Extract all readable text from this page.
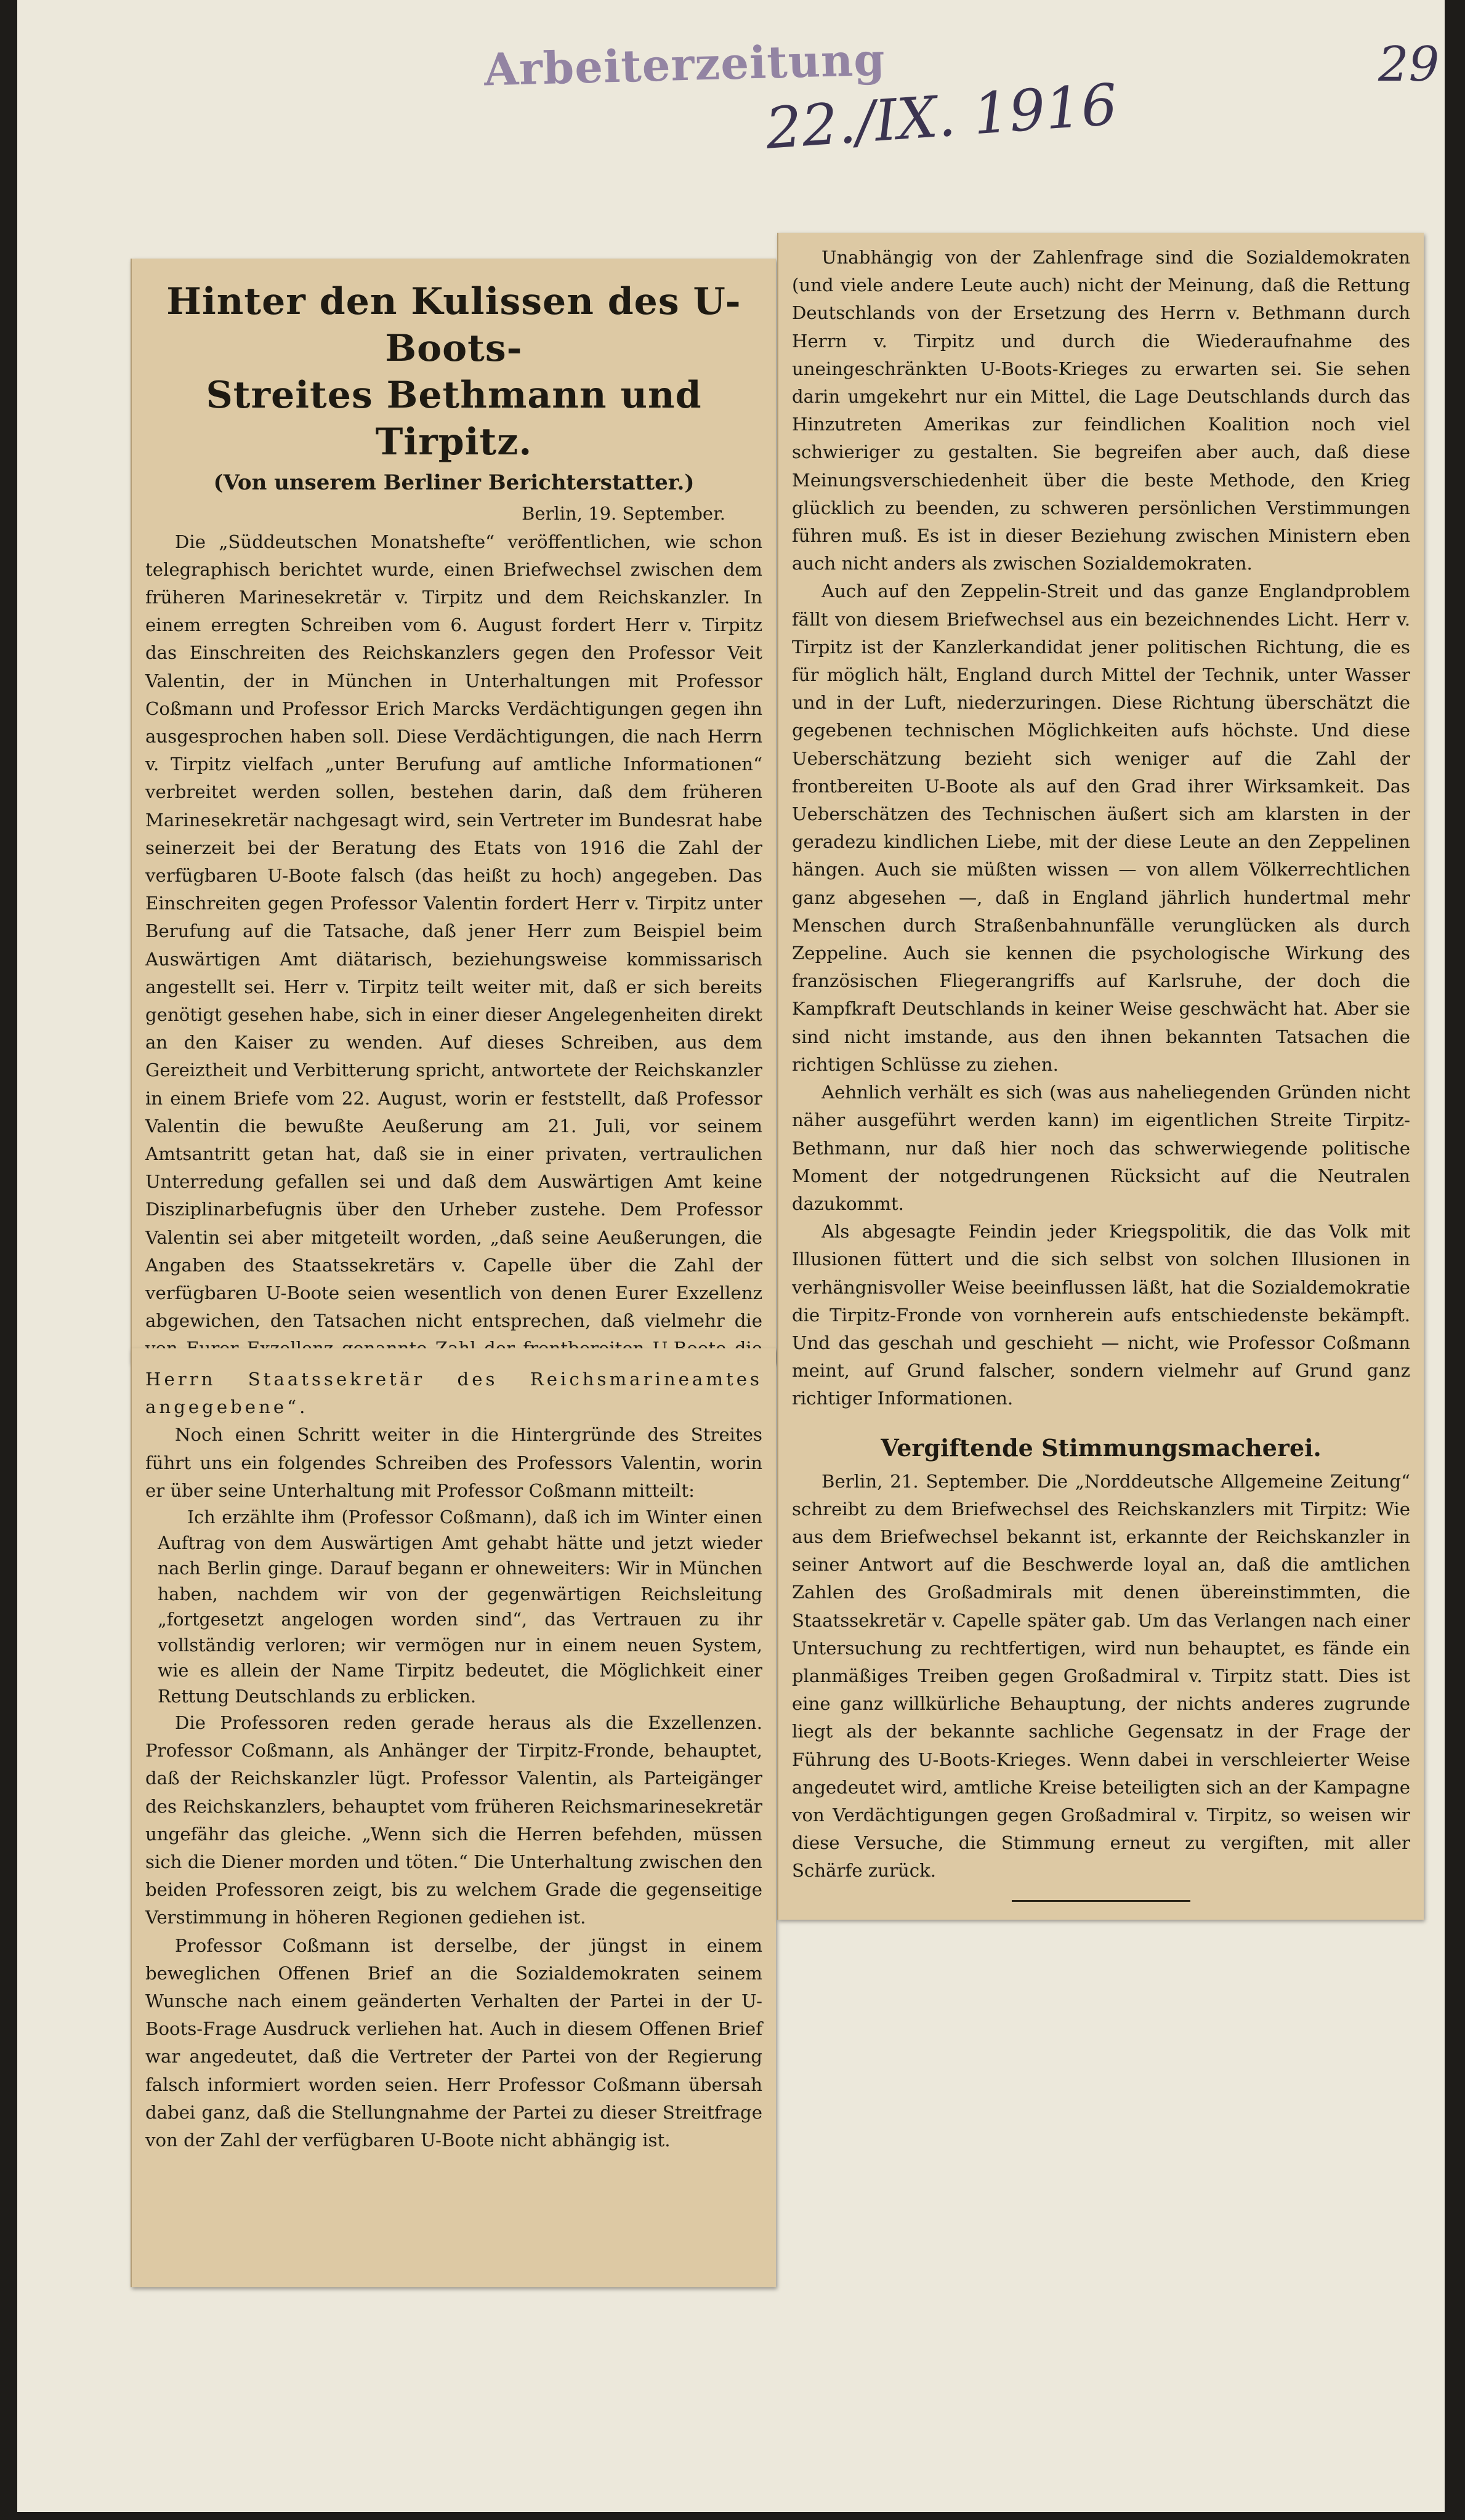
Arbeiterzeitung
22./IX. 1916
29
Hinter den Kulissen des U-Boots-
Streites Bethmann und Tirpitz.
(Von unserem Berliner Berichterstatter.)
Berlin, 19. September.

Die „Süddeutschen Monatshefte“ veröffentlichen, wie schon telegraphisch berichtet wurde, einen Briefwechsel zwischen dem früheren Marinesekretär v. Tirpitz und dem Reichskanzler. In einem erregten Schreiben vom 6. August fordert Herr v. Tirpitz das Einschreiten des Reichskanzlers gegen den Professor Veit Valentin, der in München in Unterhaltungen mit Professor Coßmann und Professor Erich Marcks Verdächtigungen gegen ihn ausgesprochen haben soll. Diese Verdächtigungen, die nach Herrn v. Tirpitz vielfach „unter Berufung auf amtliche Informationen“ verbreitet werden sollen, bestehen darin, daß dem früheren Marinesekretär nachgesagt wird, sein Vertreter im Bundesrat habe seinerzeit bei der Beratung des Etats von 1916 die Zahl der verfügbaren U-Boote falsch (das heißt zu hoch) angegeben. Das Einschreiten gegen Professor Valentin fordert Herr v. Tirpitz unter Berufung auf die Tatsache, daß jener Herr zum Beispiel beim Auswärtigen Amt diätarisch, beziehungsweise kommissarisch angestellt sei. Herr v. Tirpitz teilt weiter mit, daß er sich bereits genötigt gesehen habe, sich in einer dieser Angelegenheiten direkt an den Kaiser zu wenden. Auf dieses Schreiben, aus dem Gereiztheit und Verbitterung spricht, antwortete der Reichskanzler in einem Briefe vom 22. August, worin er feststellt, daß Professor Valentin die bewußte Aeußerung am 21. Juli, vor seinem Amtsantritt getan hat, daß sie in einer privaten, vertraulichen Unterredung gefallen sei und daß dem Auswärtigen Amt keine Disziplinarbefugnis über den Urheber zustehe. Dem Professor Valentin sei aber mitgeteilt worden, „daß seine Aeußerungen, die Angaben des Staatssekretärs v. Capelle über die Zahl der verfügbaren U-Boote seien wesentlich von denen Eurer Exzellenz abgewichen, den Tatsachen nicht entsprechen, daß vielmehr die

Herrn Staatssekretär des Reichsmarineamtes angegebene“.

Noch einen Schritt weiter in die Hintergründe des Streites führt uns ein folgendes Schreiben des Professors Valentin, worin er über seine Unterhaltung mit Professor Coßmann mitteilt:

Ich erzählte ihm (Professor Coßmann), daß ich im Winter einen Auftrag von dem Auswärtigen Amt gehabt hätte und jetzt wieder nach Berlin ginge. Darauf begann er ohneweiters: Wir in München haben, nachdem wir von der gegenwärtigen Reichsleitung „fortgesetzt angelogen worden sind“, das Vertrauen zu ihr vollständig verloren; wir vermögen nur in einem neuen System, wie es allein der Name Tirpitz bedeutet, die Möglichkeit einer Rettung Deutschlands zu erblicken.

Die Professoren reden gerade heraus als die Exzellenzen. Professor Coßmann, als Anhänger der Tirpitz-Fronde, behauptet, daß der Reichskanzler lügt. Professor Valentin, als Parteigänger des Reichskanzlers, behauptet vom früheren Reichsmarinesekretär ungefähr das gleiche. „Wenn sich die Herren befehden, müssen sich die Diener morden und töten.“ Die Unterhaltung zwischen den beiden Professoren zeigt, bis zu welchem Grade die gegenseitige Verstimmung in höheren Regionen gediehen ist.

Professor Coßmann ist derselbe, der jüngst in einem beweglichen Offenen Brief an die Sozialdemokraten seinem Wunsche nach einem geänderten Verhalten der Partei in der U-Boots-Frage Ausdruck verliehen hat. Auch in diesem Offenen Brief war angedeutet, daß die Vertreter der Partei von der Regierung falsch informiert worden seien. Herr Professor Coßmann übersah dabei ganz, daß die Stellungnahme der Partei zu dieser Streitfrage von der Zahl der verfügbaren U-Boote nicht abhängig ist.

Unabhängig von der Zahlenfrage sind die Sozialdemokraten (und viele andere Leute auch) nicht der Meinung, daß die Rettung Deutschlands von der Ersetzung des Herrn v. Bethmann durch Herrn v. Tirpitz und durch die Wiederaufnahme des uneingeschränkten U-Boots-Krieges zu erwarten sei. Sie sehen darin umgekehrt nur ein Mittel, die Lage Deutschlands durch das Hinzutreten Amerikas zur feindlichen Koalition noch viel schwieriger zu gestalten. Sie begreifen aber auch, daß diese Meinungsverschiedenheit über die beste Methode, den Krieg glücklich zu beenden, zu schweren persönlichen Verstimmungen führen muß. Es ist in dieser Beziehung zwischen Ministern eben auch nicht anders als zwischen Sozialdemokraten.

Auch auf den Zeppelin-Streit und das ganze Englandproblem fällt von diesem Briefwechsel aus ein bezeichnendes Licht. Herr v. Tirpitz ist der Kanzlerkandidat jener politischen Richtung, die es für möglich hält, England durch Mittel der Technik, unter Wasser und in der Luft, niederzuringen. Diese Richtung überschätzt die gegebenen technischen Möglichkeiten aufs höchste. Und diese Ueberschätzung bezieht sich weniger auf die Zahl der frontbereiten U-Boote als auf den Grad ihrer Wirksamkeit. Das Ueberschätzen des Technischen äußert sich am klarsten in der geradezu kindlichen Liebe, mit der diese Leute an den Zeppelinen hängen. Auch sie müßten wissen — von allem Völkerrechtlichen ganz abgesehen —, daß in England jährlich hundertmal mehr Menschen durch Straßenbahnunfälle verunglücken als durch Zeppeline. Auch sie kennen die psychologische Wirkung des französischen Fliegerangriffs auf Karlsruhe, der doch die Kampfkraft Deutschlands in keiner Weise geschwächt hat. Aber sie sind nicht imstande, aus den ihnen bekannten Tatsachen die richtigen Schlüsse zu ziehen.

Aehnlich verhält es sich (was aus naheliegenden Gründen nicht näher ausgeführt werden kann) im eigentlichen Streite Tirpitz-Bethmann, nur daß hier noch das schwerwiegende politische Moment der notgedrungenen Rücksicht auf die Neutralen dazukommt.

Als abgesagte Feindin jeder Kriegspolitik, die das Volk mit Illusionen füttert und die sich selbst von solchen Illusionen in verhängnisvoller Weise beeinflussen läßt, hat die Sozialdemokratie die Tirpitz-Fronde von vornherein aufs entschiedenste bekämpft. Und das geschah und geschieht — nicht, wie Professor Coßmann meint, auf Grund falscher, sondern vielmehr auf Grund ganz richtiger Informationen.

Vergiftende Stimmungsmacherei.

Berlin, 21. September. Die „Norddeutsche Allgemeine Zeitung“ schreibt zu dem Briefwechsel des Reichskanzlers mit Tirpitz: Wie aus dem Briefwechsel bekannt ist, erkannte der Reichskanzler in seiner Antwort auf die Beschwerde loyal an, daß die amtlichen Zahlen des Großadmirals mit denen übereinstimmten, die Staatssekretär v. Capelle später gab. Um das Verlangen nach einer Untersuchung zu rechtfertigen, wird nun behauptet, es fände ein planmäßiges Treiben gegen Großadmiral v. Tirpitz statt. Dies ist eine ganz willkürliche Behauptung, der nichts anderes zugrunde liegt als der bekannte sachliche Gegensatz in der Frage der Führung des U-Boots-Krieges. Wenn dabei in verschleierter Weise angedeutet wird, amtliche Kreise beteiligten sich an der Kampagne von Verdächtigungen gegen Großadmiral v. Tirpitz, so weisen wir diese Versuche, die Stimmung erneut zu vergiften, mit aller Schärfe zurück.
